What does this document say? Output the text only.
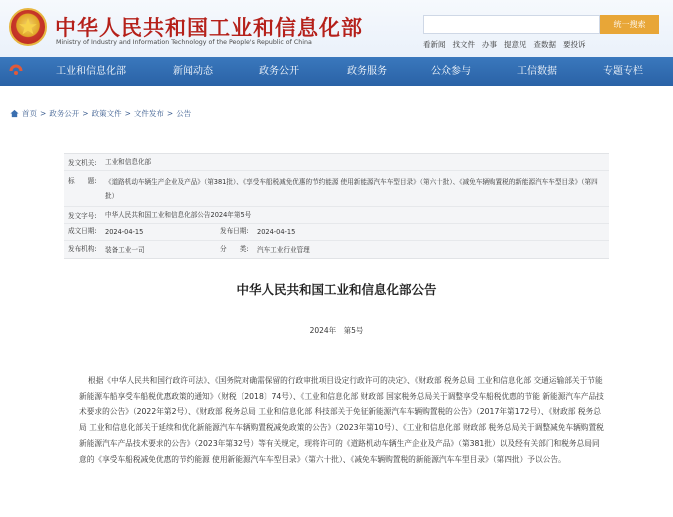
中华人民共和国工业和信息化部
Ministry of Industry and Information Technology of the People's Republic of China
统一搜索
看新闻 找文件 办事 提意见 查数据 要投诉
工业和信息化部	新闻动态	政务公开	政务服务	公众参与	工信数据	专题专栏
首页 > 政务公开 > 政策文件 > 文件发布 > 公告
发文机关:	工业和信息化部
标　　题:	《道路机动车辆生产企业及产品》（第381批）、《享受车船税减免优惠的节约能源 使用新能源汽车车型目录》（第六十批）、《减免车辆购置税的新能源汽车车型目录》（第四批）
发文字号:	中华人民共和国工业和信息化部公告2024年第5号
成文日期:	2024-04-15	发布日期:	2024-04-15
发布机构:	装备工业一司	分　　类:	汽车工业行业管理
中华人民共和国工业和信息化部公告
2024年　第5号

根据《中华人民共和国行政许可法》、《国务院对确需保留的行政审批项目设定行政许可的决定》、《财政部 税务总局 工业和信息化部 交通运输部关于节能 新能源车船享受车船税优惠政策的通知》（财税〔2018〕74号）、《工业和信息化部 财政部 国家税务总局关于调整享受车船税优惠的节能 新能源汽车产品技术要求的公告》（2022年第2号）、《财政部 税务总局 工业和信息化部 科技部关于免征新能源汽车车辆购置税的公告》（2017年第172号）、《财政部 税务总局 工业和信息化部关于延续和优化新能源汽车车辆购置税减免政策的公告》（2023年第10号）、《工业和信息化部 财政部 税务总局关于调整减免车辆购置税新能源汽车产品技术要求的公告》（2023年第32号）等有关规定，现将许可的《道路机动车辆生产企业及产品》（第381批）以及经有关部门和税务总局同意的《享受车船税减免优惠的节约能源 使用新能源汽车车型目录》（第六十批）、《减免车辆购置税的新能源汽车车型目录》（第四批）予以公告。
